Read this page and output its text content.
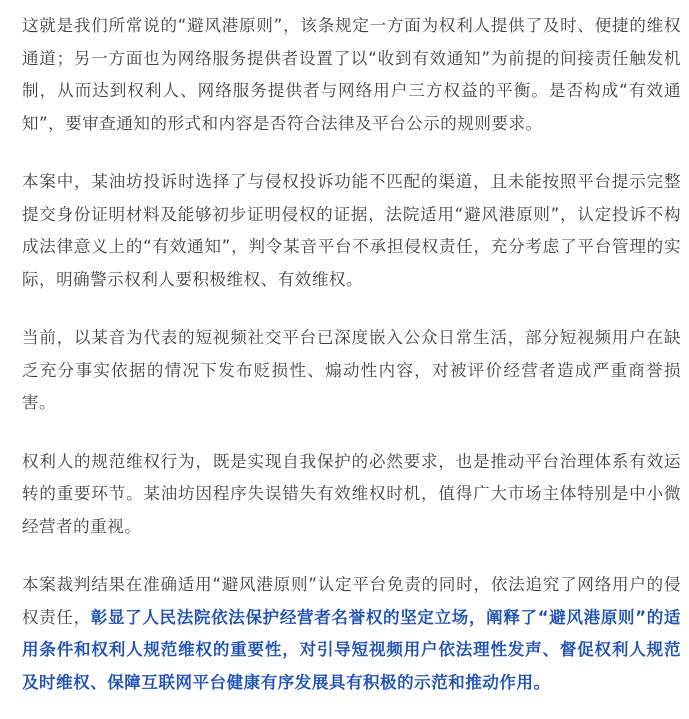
这就是我们所常说的“避风港原则”，该条规定一方面为权利人提供了及时、便捷的维权通道；另一方面也为网络服务提供者设置了以“收到有效通知”为前提的间接责任触发机制，从而达到权利人、网络服务提供者与网络用户三方权益的平衡。是否构成“有效通知”，要审查通知的形式和内容是否符合法律及平台公示的规则要求。

本案中，某油坊投诉时选择了与侵权投诉功能不匹配的渠道，且未能按照平台提示完整提交身份证明材料及能够初步证明侵权的证据，法院适用“避风港原则”，认定投诉不构成法律意义上的“有效通知”，判令某音平台不承担侵权责任，充分考虑了平台管理的实际，明确警示权利人要积极维权、有效维权。

当前，以某音为代表的短视频社交平台已深度嵌入公众日常生活，部分短视频用户在缺乏充分事实依据的情况下发布贬损性、煽动性内容，对被评价经营者造成严重商誉损害。

权利人的规范维权行为，既是实现自我保护的必然要求，也是推动平台治理体系有效运转的重要环节。某油坊因程序失误错失有效维权时机，值得广大市场主体特别是中小微经营者的重视。

本案裁判结果在准确适用“避风港原则”认定平台免责的同时，依法追究了网络用户的侵权责任，彰显了人民法院依法保护经营者名誉权的坚定立场，阐释了“避风港原则”的适用条件和权利人规范维权的重要性，对引导短视频用户依法理性发声、督促权利人规范及时维权、保障互联网平台健康有序发展具有积极的示范和推动作用。
